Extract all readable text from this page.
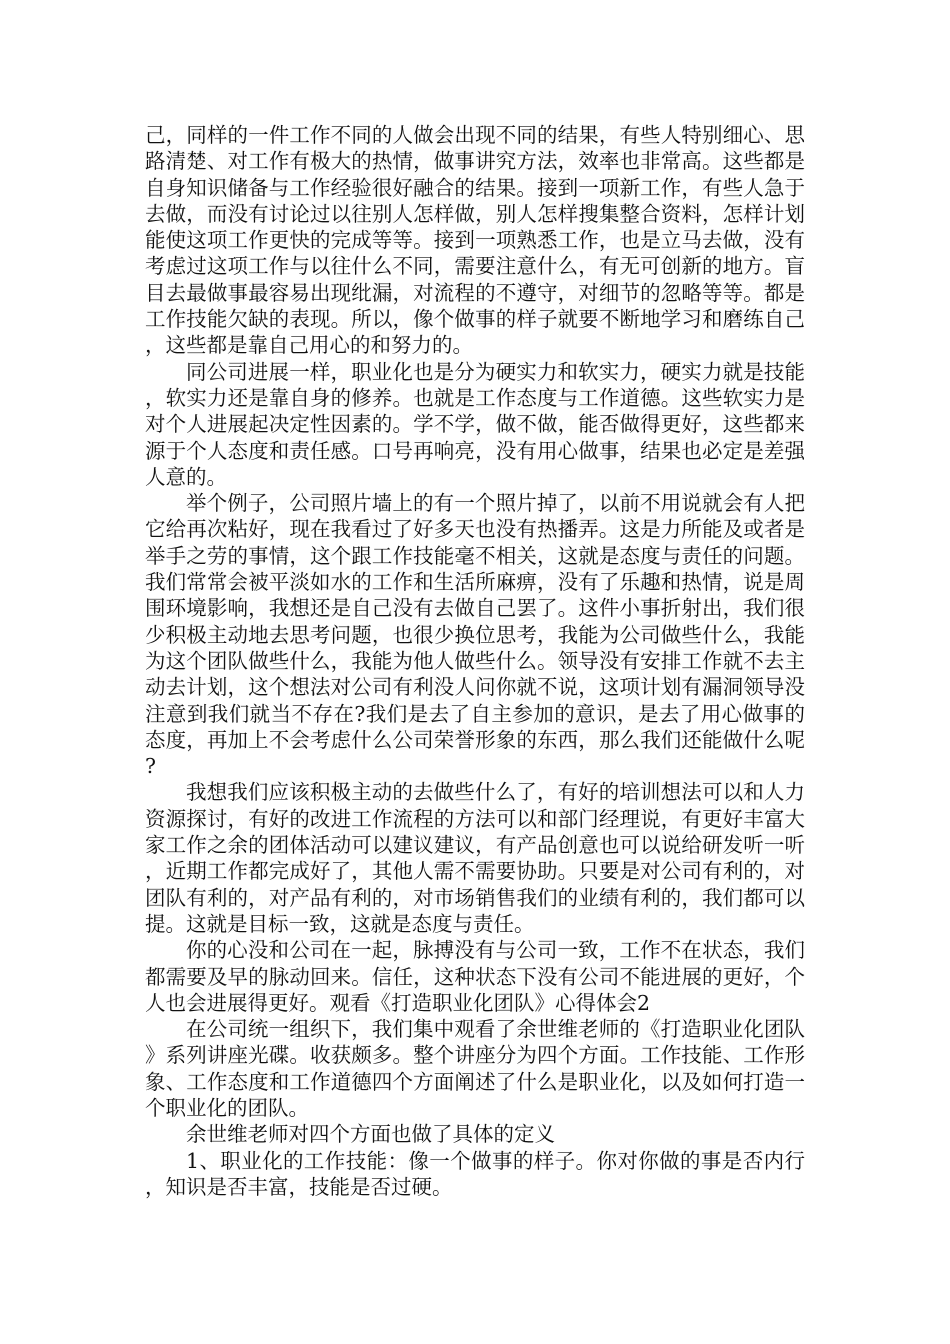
己，同样的一件工作不同的人做会出现不同的结果，有些人特别细心、思路清楚、对工作有极大的热情，做事讲究方法，效率也非常高。这些都是自身知识储备与工作经验很好融合的结果。接到一项新工作，有些人急于去做，而没有讨论过以往别人怎样做，别人怎样搜集整合资料，怎样计划能使这项工作更快的完成等等。接到一项熟悉工作，也是立马去做，没有考虑过这项工作与以往什么不同，需要注意什么，有无可创新的地方。盲目去最做事最容易出现纰漏，对流程的不遵守，对细节的忽略等等。都是工作技能欠缺的表现。所以，像个做事的样子就要不断地学习和磨练自己，这些都是靠自己用心的和努力的。

同公司进展一样，职业化也是分为硬实力和软实力，硬实力就是技能，软实力还是靠自身的修养。也就是工作态度与工作道德。这些软实力是对个人进展起决定性因素的。学不学，做不做，能否做得更好，这些都来源于个人态度和责任感。口号再响亮，没有用心做事，结果也必定是差强人意的。

举个例子，公司照片墙上的有一个照片掉了，以前不用说就会有人把它给再次粘好，现在我看过了好多天也没有热播弄。这是力所能及或者是举手之劳的事情，这个跟工作技能毫不相关，这就是态度与责任的问题。我们常常会被平淡如水的工作和生活所麻痹，没有了乐趣和热情，说是周围环境影响，我想还是自己没有去做自己罢了。这件小事折射出，我们很少积极主动地去思考问题，也很少换位思考，我能为公司做些什么，我能为这个团队做些什么，我能为他人做些什么。领导没有安排工作就不去主动去计划，这个想法对公司有利没人问你就不说，这项计划有漏洞领导没注意到我们就当不存在?我们是去了自主参加的意识，是去了用心做事的态度，再加上不会考虑什么公司荣誉形象的东西，那么我们还能做什么呢?

我想我们应该积极主动的去做些什么了，有好的培训想法可以和人力资源探讨，有好的改进工作流程的方法可以和部门经理说，有更好丰富大家工作之余的团体活动可以建议建议，有产品创意也可以说给研发听一听，近期工作都完成好了，其他人需不需要协助。只要是对公司有利的，对团队有利的，对产品有利的，对市场销售我们的业绩有利的，我们都可以提。这就是目标一致，这就是态度与责任。

你的心没和公司在一起，脉搏没有与公司一致，工作不在状态，我们都需要及早的脉动回来。信任，这种状态下没有公司不能进展的更好，个人也会进展得更好。观看《打造职业化团队》心得体会2

在公司统一组织下，我们集中观看了余世维老师的《打造职业化团队》系列讲座光碟。收获颇多。整个讲座分为四个方面。工作技能、工作形象、工作态度和工作道德四个方面阐述了什么是职业化，以及如何打造一个职业化的团队。

余世维老师对四个方面也做了具体的定义

1、职业化的工作技能：像一个做事的样子。你对你做的事是否内行，知识是否丰富，技能是否过硬。
